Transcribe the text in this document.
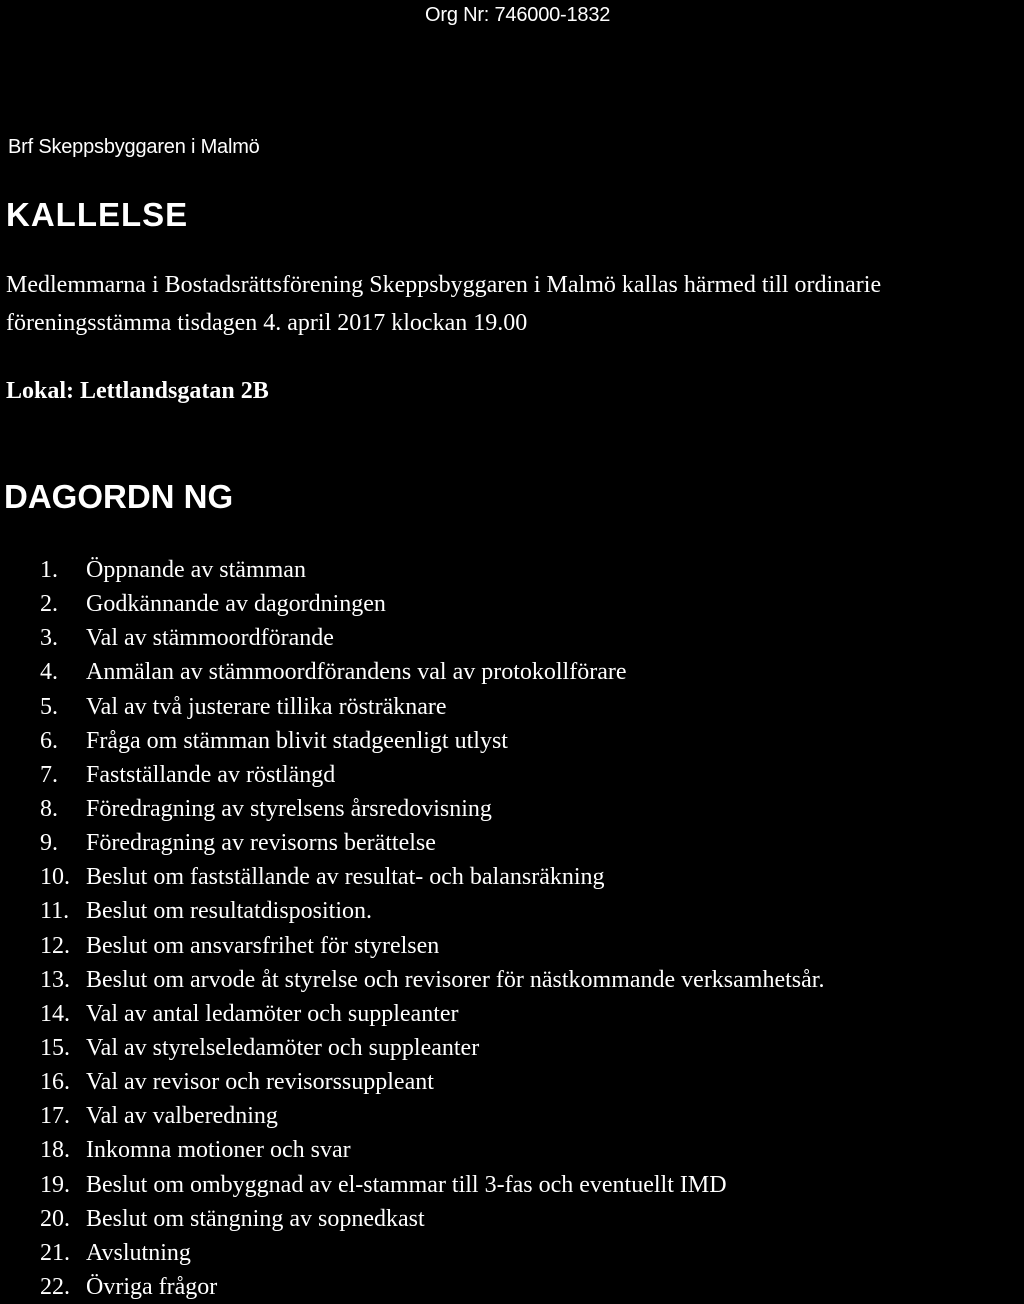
Org Nr: 746000-1832
Brf Skeppsbyggaren i Malmö
KALLELSE

Medlemmarna i Bostadsrättsförening Skeppsbyggaren i Malmö kallas härmed till ordinarie

föreningsstämma tisdagen 4. april 2017 klockan 19.00

Lokal: Lettlandsgatan 2B
DAGORDN NG
1.	Öppnande av stämman
2.	Godkännande av dagordningen
3.	Val av stämmoordförande
4.	Anmälan av stämmoordförandens val av protokollförare
5.	Val av två justerare tillika rösträknare
6.	Fråga om stämman blivit stadgeenligt utlyst
7.	Fastställande av röstlängd
8.	Föredragning av styrelsens årsredovisning
9.	Föredragning av revisorns berättelse
10. Beslut om fastställande av resultat- och balansräkning
11. Beslut om resultatdisposition.
12. Beslut om ansvarsfrihet för styrelsen
13. Beslut om arvode åt styrelse och revisorer för nästkommande verksamhetsår.
14. Val av antal ledamöter och suppleanter
15. Val av styrelseledamöter och suppleanter
16. Val av revisor och revisorssuppleant
17. Val av valberedning
18. Inkomna motioner och svar
19. Beslut om ombyggnad av el-stammar till 3-fas och eventuellt IMD
20. Beslut om stängning av sopnedkast
21. Avslutning
22. Övriga frågor
